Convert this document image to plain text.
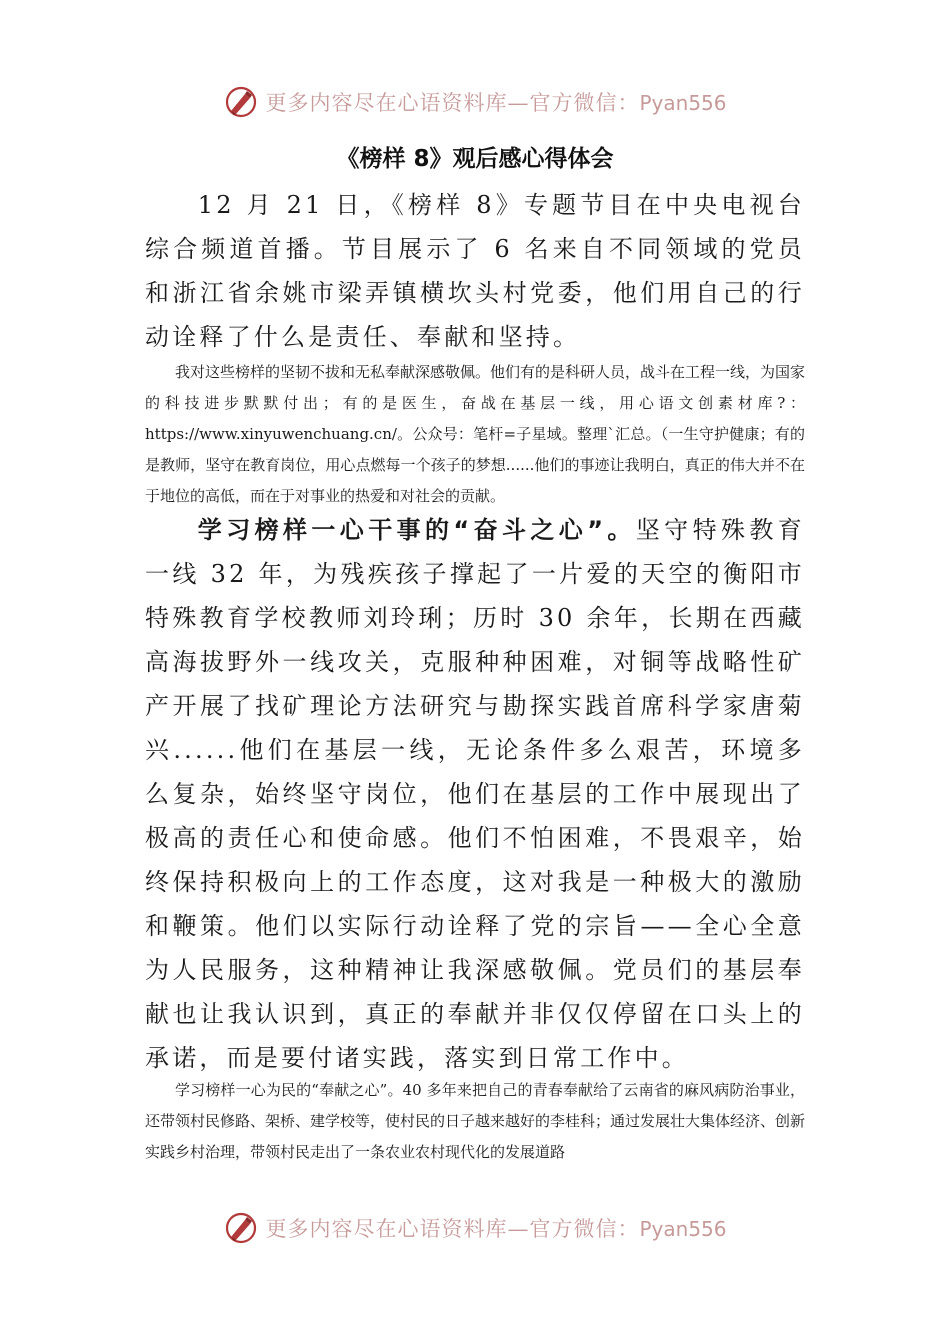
更多内容尽在心语资料库—官方微信：Pyan556
《榜样 8》观后感心得体会

12 月 21 日，《榜样 8》专题节目在中央电视台综合频道首播。节目展示了 6 名来自不同领域的党员和浙江省余姚市梁弄镇横坎头村党委，他们用自己的行动诠释了什么是责任、奉献和坚持。

我对这些榜样的坚韧不拔和无私奉献深感敬佩。他们有的是科研人员，战斗在工程一线，为国家的科技进步默默付出；有的是医生，奋战在基层一线，用心语文创素材库?：https://www.xinyuwenchuang.cn/。公众号：笔杆=子星域。整理`汇总。（一生守护健康；有的是教师，坚守在教育岗位，用心点燃每一个孩子的梦想......他们的事迹让我明白，真正的伟大并不在于地位的高低，而在于对事业的热爱和对社会的贡献。

学习榜样一心干事的“奋斗之心”。坚守特殊教育一线 32 年，为残疾孩子撑起了一片爱的天空的衡阳市特殊教育学校教师刘玲琍；历时 30 余年，长期在西藏高海拔野外一线攻关，克服种种困难，对铜等战略性矿产开展了找矿理论方法研究与勘探实践首席科学家唐菊兴......他们在基层一线，无论条件多么艰苦，环境多么复杂，始终坚守岗位，他们在基层的工作中展现出了极高的责任心和使命感。他们不怕困难，不畏艰辛，始终保持积极向上的工作态度，这对我是一种极大的激励和鞭策。他们以实际行动诠释了党的宗旨——全心全意为人民服务，这种精神让我深感敬佩。党员们的基层奉献也让我认识到，真正的奉献并非仅仅停留在口头上的承诺，而是要付诸实践，落实到日常工作中。

学习榜样一心为民的“奉献之心”。40 多年来把自己的青春奉献给了云南省的麻风病防治事业，还带领村民修路、架桥、建学校等，使村民的日子越来越好的李桂科；通过发展壮大集体经济、创新实践乡村治理，带领村民走出了一条农业农村现代化的发展道路

更多内容尽在心语资料库—官方微信：Pyan556
